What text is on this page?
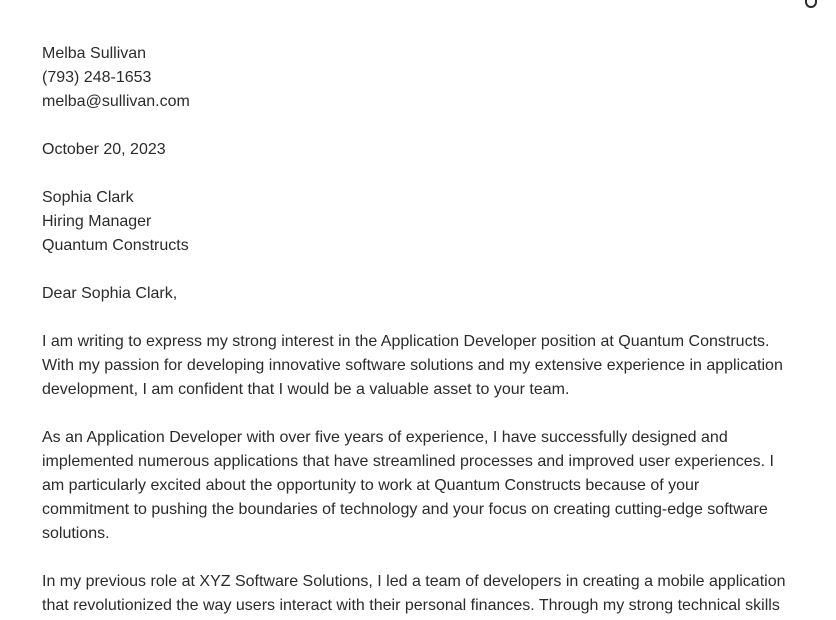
Melba Sullivan
(793) 248-1653
melba@sullivan.com
October 20, 2023
Sophia Clark
Hiring Manager
Quantum Constructs
Dear Sophia Clark,
I am writing to express my strong interest in the Application Developer position at Quantum Constructs.
With my passion for developing innovative software solutions and my extensive experience in application
development, I am confident that I would be a valuable asset to your team.
As an Application Developer with over five years of experience, I have successfully designed and
implemented numerous applications that have streamlined processes and improved user experiences. I
am particularly excited about the opportunity to work at Quantum Constructs because of your
commitment to pushing the boundaries of technology and your focus on creating cutting-edge software
solutions.
In my previous role at XYZ Software Solutions, I led a team of developers in creating a mobile application
that revolutionized the way users interact with their personal finances. Through my strong technical skills
